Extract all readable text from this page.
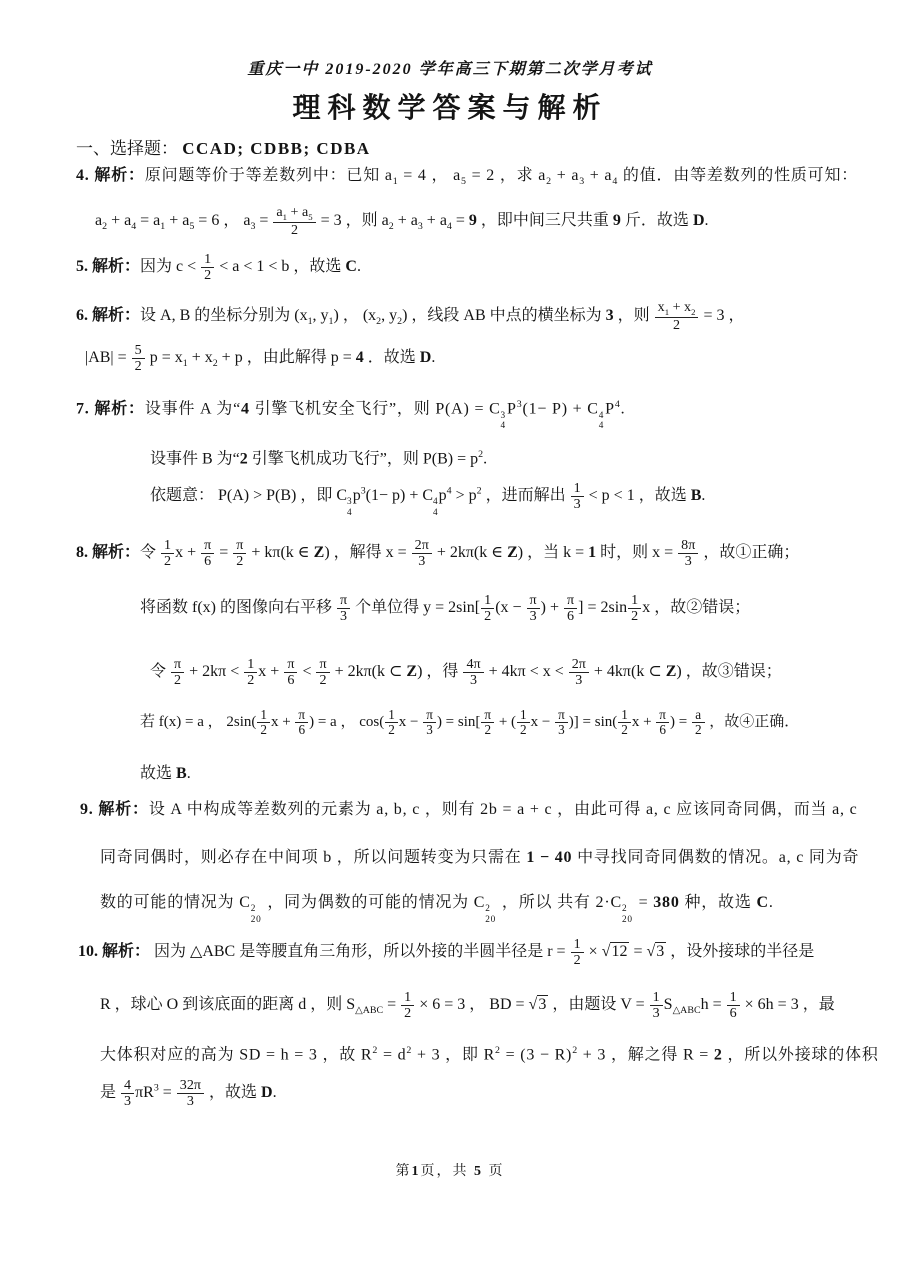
重庆一中 2019-2020 学年高三下期第二次学月考试
理科数学答案与解析
一、选择题： CCAD; CDBB; CDBA
4. 解析：原问题等价于等差数列中：已知 $a_1 = 4$ ， $a_5 = 2$ ，求 $a_2 + a_3 + a_4$ 的值．由等差数列的性质可知：
$a_2 + a_4 = a_1 + a_5 = 6$ ， $a_3 = \frac{a_1 + a_5}{2} = 3$ ，则 $a_2 + a_3 + a_4 = 9$ ，即中间三尺共重 9 斤．故选 D.
5. 解析：因为 $c < \frac{1}{2} < a < 1 < b$ ，故选 C.
6. 解析：设 A, B 的坐标分别为 ($x_1$, $y_1$) ， ($x_2$, $y_2$) ，线段 AB 中点的横坐标为 3 ，则 $\frac{x_1 + x_2}{2} = 3$ ，
$|AB| = \frac{5}{2}$ $p = x_1 + x_2 + p$ ，由此解得 p = 4 ．故选 D.
7. 解析：设事件 A 为“4 引擎飞机安全飞行”，则 P(A) = C 3
4
$P^3(1- P) + C$ 4
4
$P^4$.
设事件 B 为“2 引擎飞机成功飞行”，则 $P(B) = p^2$.
依题意： P(A) > P(B) ，即 C 3
4
$p^3(1- p) + C$ 4
4
$p^4 > p^2$ ，进而解出 $\frac{1}{3} < p < 1$ ，故选 B.
8. 解析：令 $\frac{1}{2}$ $x + \frac{\pi}{6} = \frac{\pi}{2} + k\pi(k$ ∈ Z) ，解得 $x = \frac{2\pi}{3} + 2k\pi(k$ ∈ Z) ，当 k = 1 时，则 $x = \frac{8\pi}{3}$ ，故①正确；
将函数 f(x) 的图像向右平移 $\frac{\pi}{3}$ 个单位得 $y = 2\sin[ \frac{1}{2} (x - \frac{\pi}{3}$ ) + $\frac{\pi}{6}$ ] = $2\sin \frac{1}{2}$ x ，故②错误；
令 $\frac{\pi}{2} + 2k\pi < \frac{1}{2}$ $x + \frac{\pi}{6} < \frac{\pi}{2} + 2k\pi(k$ ⊂ Z) ，得 $\frac{4\pi}{3} + 4k\pi < x < \frac{2\pi}{3} + 4k\pi(k$ ⊂ Z) ，故③错误；
若 f(x) = a ， $2\sin( \frac{1}{2}$ $x + \frac{\pi}{6}$ ) = a ， $\cos( \frac{1}{2}$ $x - \frac{\pi}{3}$ ) = $\sin[ \frac{\pi}{2}$ + ( $\frac{1}{2}$ $x - \frac{\pi}{3}$ )] = $\sin( \frac{1}{2}$ $x + \frac{\pi}{6}$ ) = $\frac{a}{2}$ ，故④正确．
故选 B.
9. 解析：设 A 中构成等差数列的元素为 a, b, c ，则有 2b = a + c ，由此可得 a, c 应该同奇同偶，而当 a, c
同奇同偶时，则必存在中间项 b ，所以问题转变为只需在 1 − 40 中寻找同奇同偶数的情况。a, c 同为奇
数的可能的情况为 C 2
20
，同为偶数的可能的情况为 C 2
20
，所以 共有 2·C 2
20
= 380 种，故选 C.
10. 解析： 因为 △ABC 是等腰直角三角形，所以外接的半圆半径是 $r = \frac{1}{2} \times √12 = √3$ ，设外接球的半径是
R ，球心 O 到该底面的距离 d ，则 $S_{\triangle ABC} = \frac{1}{2} \times 6 = 3$ ， BD = √3 ，由题设 $V = \frac{1}{3} S_{\triangle ABC}h = \frac{1}{6} \times 6h = 3$ ，最
大体积对应的高为 SD = h = 3 ，故 $R^2 = d^2 + 3$ ，即 $R^2 = (3 - R)^2 + 3$ ，解之得 R = 2 ，所以外接球的体积
是 $\frac{4}{3} \pi R^3 = \frac{32\pi}{3}$ ，故选 D.
第1页，共 5 页
